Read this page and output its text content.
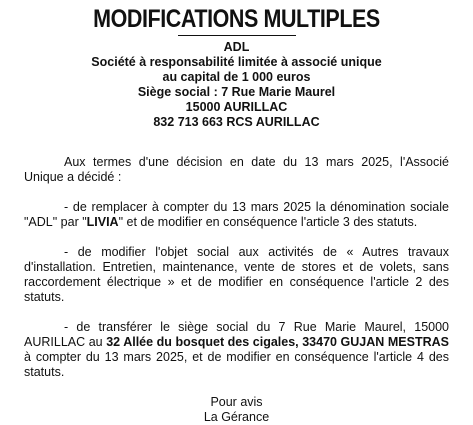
MODIFICATIONS MULTIPLES
ADL
Société à responsabilité limitée à associé unique
au capital de 1 000 euros
Siège social : 7 Rue Marie Maurel
15000 AURILLAC
832 713 663 RCS AURILLAC

Aux termes d'une décision en date du 13 mars 2025, l'Associé Unique a décidé :

- de remplacer à compter du 13 mars 2025 la dénomination sociale "ADL" par "LIVIA" et de modifier en conséquence l'article 3 des statuts.

- de modifier l'objet social aux activités de « Autres travaux d'installation. Entretien, maintenance, vente de stores et de volets, sans raccordement électrique » et de modifier en conséquence l'article 2 des statuts.

- de transférer le siège social du 7 Rue Marie Maurel, 15000 AURILLAC au 32 Allée du bosquet des cigales, 33470 GUJAN MESTRAS à compter du 13 mars 2025, et de modifier en conséquence l'article 4 des statuts.

Pour avis
La Gérance
